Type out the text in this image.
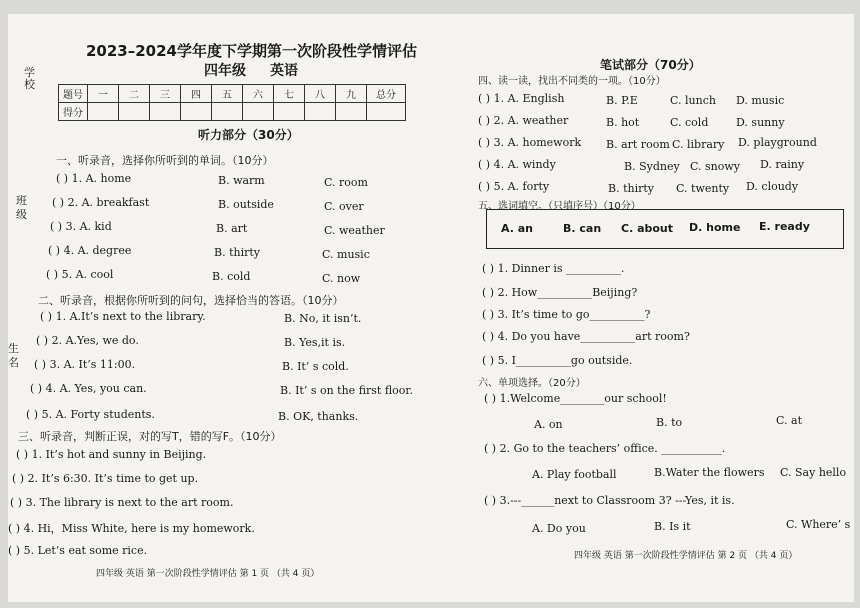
学
校
班
级
生
名
2023–2024学年度下学期第一次阶段性学情评估
四年级 英语
题号	一	二	三	四	五	六	七	八	九	总分
得分										
听力部分（30分）
一、听录音，选择你所听到的单词。（10分）
( ) 1. A. home	B. warm	C. room
( ) 2. A. breakfast	B. outside	C. over
( ) 3. A. kid	B. art	C. weather
( ) 4. A. degree	B. thirty	C. music
( ) 5. A. cool	B. cold	C. now
二、听录音，根据你所听到的问句，选择恰当的答语。（10分）
( ) 1. A.It’s next to the library.	B. No, it isn’t.
( ) 2. A.Yes, we do.	B. Yes,it is.
( ) 3. A. It’s 11:00.	B. It’ s cold.
( ) 4. A. Yes, you can.	B. It’ s on the first floor.
( ) 5. A. Forty students.	B. OK, thanks.
三、听录音，判断正误，对的写T，错的写F。（10分）
( ) 1. It’s hot and sunny in Beijing.
( ) 2. It’s 6:30. It’s time to get up.
( ) 3. The library is next to the art room.
( ) 4. Hi，Miss White, here is my homework.
( ) 5. Let’s eat some rice.
四年级 英语 第一次阶段性学情评估 第 1 页 （共 4 页）
笔试部分（70分）
四、读一读，找出不同类的一项。（10分）
( ) 1. A. English	B. P.E	C. lunch D. music
( ) 2. A. weather	B. hot	C. cold	D. sunny
( ) 3. A. homework B. art room C. library D. playground
( ) 4. A. windy	B. Sydney C. snowy D. rainy
( ) 5. A. forty	B. thirty C. twenty D. cloudy
五、选词填空。（只填序号）（10分）
A. an	B. can C. about D. home E. ready
( ) 1. Dinner is __________.
( ) 2. How__________Beijing?
( ) 3. It’s time to go__________?
( ) 4. Do you have__________art room?
( ) 5. I__________go outside.
六、单项选择。（20分）
( ) 1.Welcome________our school!
A. on	B. to	C. at
( ) 2. Go to the teachers’ office. ___________.
A. Play football	B.Water the flowers C. Say hello
( ) 3.---______next to Classroom 3? ---Yes, it is.
A. Do you	B. Is it	C. Where’ s
四年级 英语 第一次阶段性学情评估 第 2 页 （共 4 页）
